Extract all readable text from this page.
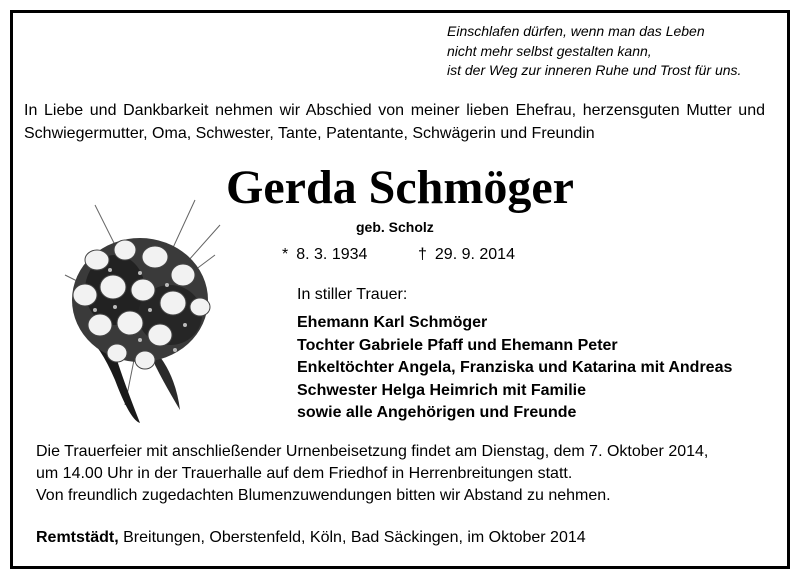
Einschlafen dürfen, wenn man das Leben
nicht mehr selbst gestalten kann,
ist der Weg zur inneren Ruhe und Trost für uns.
In Liebe und Dankbarkeit nehmen wir Abschied von meiner lieben Ehefrau, herzensguten Mutter und Schwiegermutter, Oma, Schwester, Tante, Patentante, Schwägerin und Freundin
Gerda Schmöger
geb. Scholz
* 8. 3. 1934	† 29. 9. 2014
In stiller Trauer:
Ehemann Karl Schmöger
Tochter Gabriele Pfaff und Ehemann Peter
Enkeltöchter Angela, Franziska und Katarina mit Andreas
Schwester Helga Heimrich mit Familie
sowie alle Angehörigen und Freunde
Die Trauerfeier mit anschließender Urnenbeisetzung findet am Dienstag, dem 7. Oktober 2014,
um 14.00 Uhr in der Trauerhalle auf dem Friedhof in Herrenbreitungen statt.
Von freundlich zugedachten Blumenzuwendungen bitten wir Abstand zu nehmen.
Remtstädt, Breitungen, Oberstenfeld, Köln, Bad Säckingen, im Oktober 2014
